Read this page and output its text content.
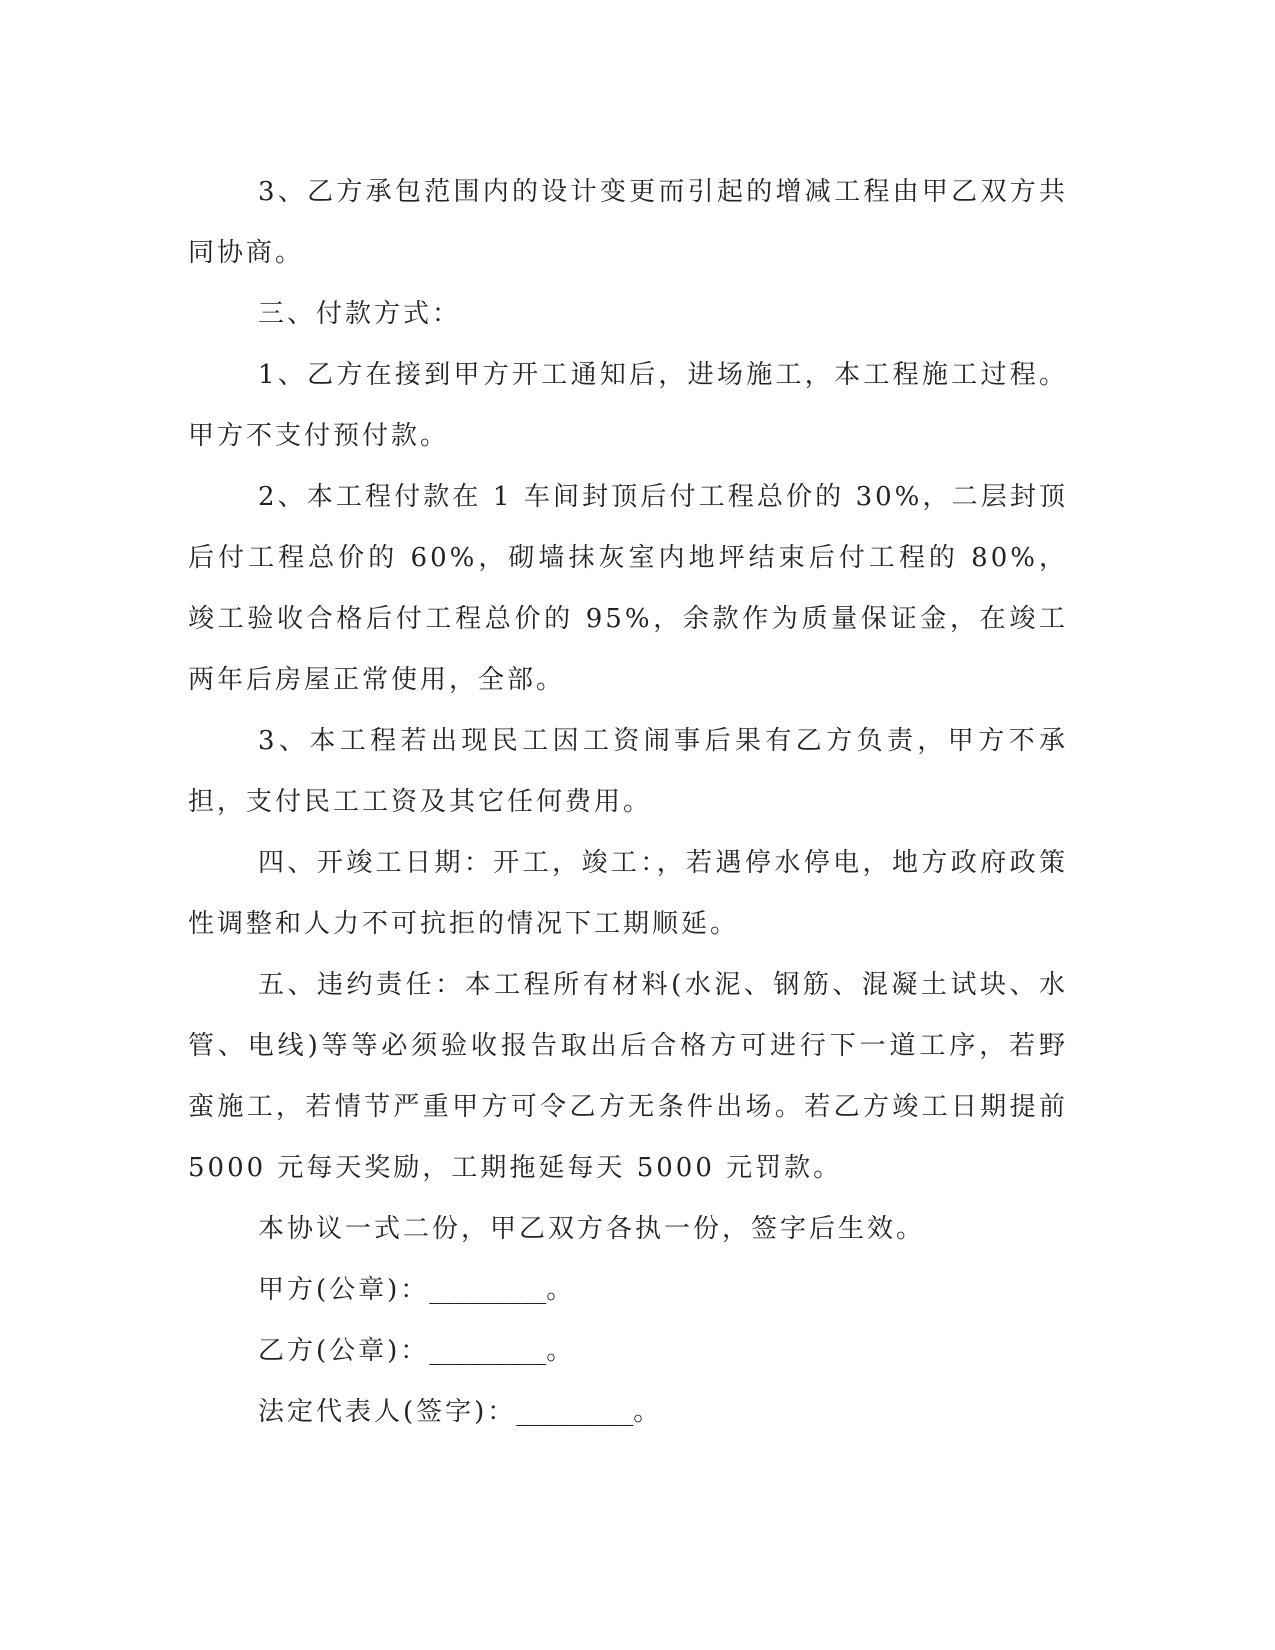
3、乙方承包范围内的设计变更而引起的增减工程由甲乙双方共同协商。

三、付款方式：

1、乙方在接到甲方开工通知后，进场施工，本工程施工过程。甲方不支付预付款。

2、本工程付款在 1 车间封顶后付工程总价的 30%，二层封顶后付工程总价的 60%，砌墙抹灰室内地坪结束后付工程的 80%，竣工验收合格后付工程总价的 95%，余款作为质量保证金，在竣工两年后房屋正常使用，全部。

3、本工程若出现民工因工资闹事后果有乙方负责，甲方不承担，支付民工工资及其它任何费用。

四、开竣工日期：开工，竣工：，若遇停水停电，地方政府政策性调整和人力不可抗拒的情况下工期顺延。

五、违约责任：本工程所有材料(水泥、钢筋、混凝土试块、水管、电线)等等必须验收报告取出后合格方可进行下一道工序，若野蛮施工，若情节严重甲方可令乙方无条件出场。若乙方竣工日期提前 5000 元每天奖励，工期拖延每天 5000 元罚款。

本协议一式二份，甲乙双方各执一份，签字后生效。

甲方(公章)：_________。

乙方(公章)：_________。

法定代表人(签字)：_________。
